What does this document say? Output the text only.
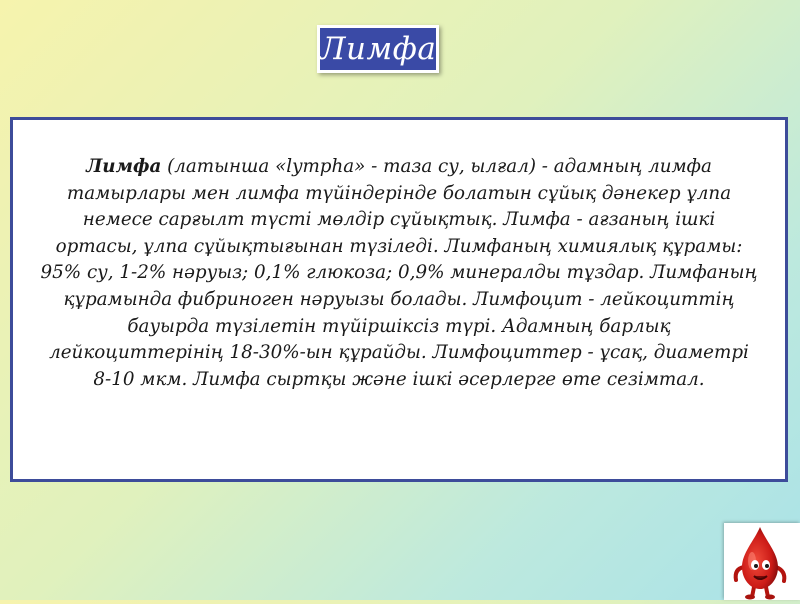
Лимфа

Лимфа (латынша «lymрhа» - таза су, ылғал) - адамның лимфа тамырлары мен лимфа түйіндерінде болатын сұйық дәнекер ұлпа немесе сарғылт түсті мөлдір сұйықтық. Лимфа - ағзаның ішкі ортасы, ұлпа сұйықтығынан түзіледі. Лимфаның химиялық құрамы: 95% су, 1-2% нәруыз; 0,1% глюкоза; 0,9% минералды тұздар. Лимфаның құрамында фибриноген нәруызы болады. Лимфоцит - лейкоциттің бауырда түзілетін түйіршіксіз түрі. Адамның барлық лейкоциттерінің 18-30%-ын құрайды. Лимфоциттер - ұсақ, диаметрі 8-10 мкм. Лимфа сыртқы және ішкі әсерлерге өте сезімтал.
